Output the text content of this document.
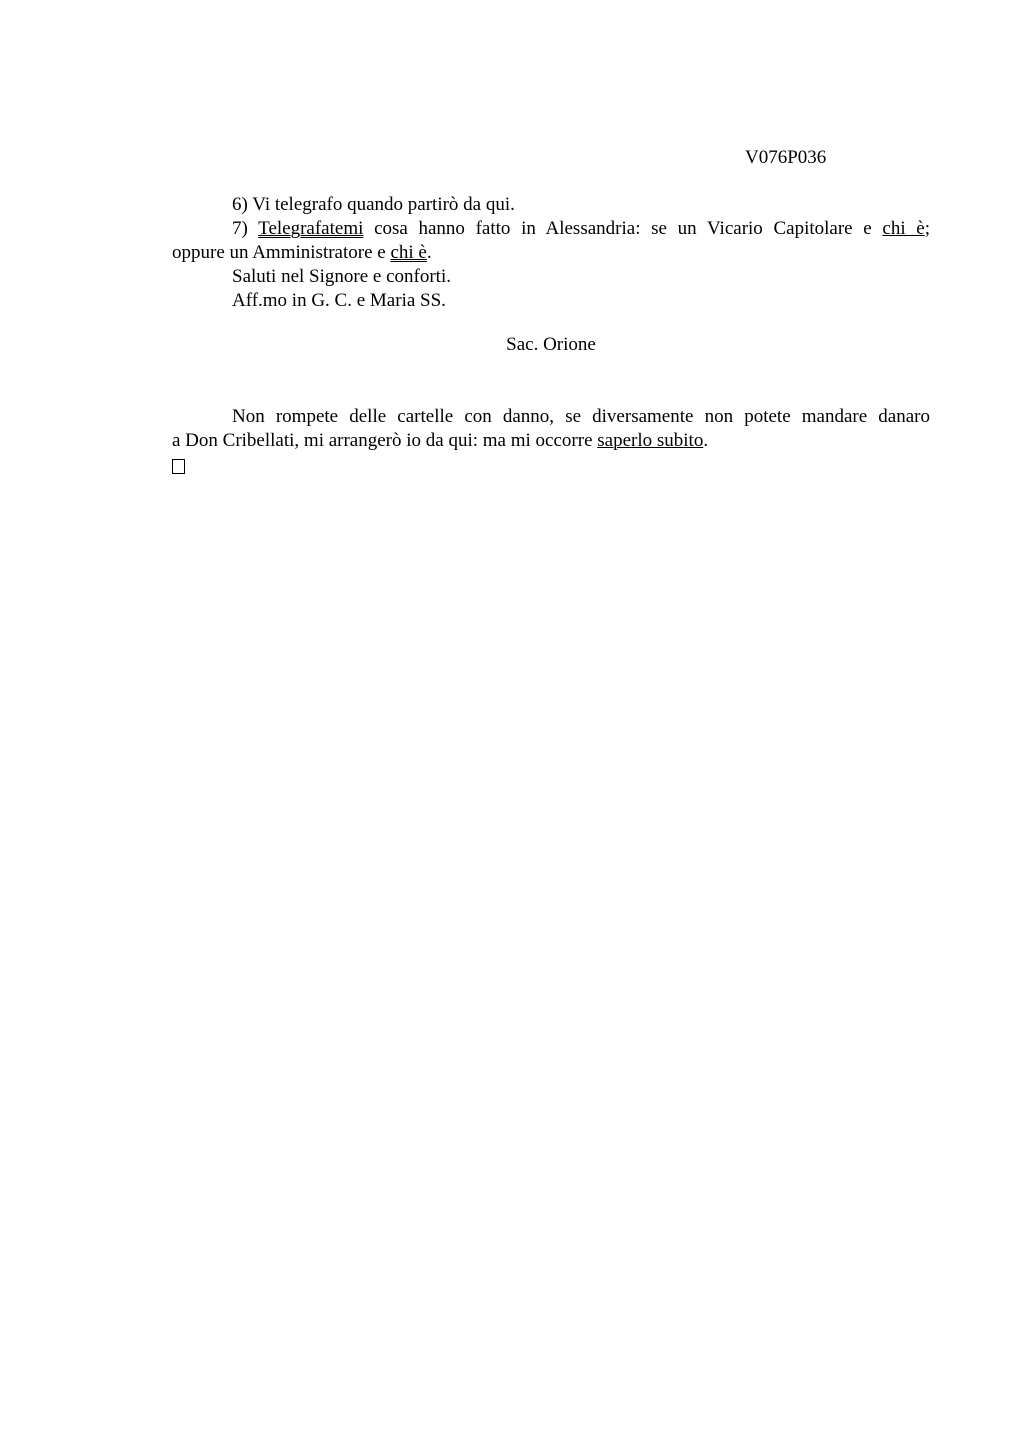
V076P036

6) Vi telegrafo quando partirò da qui.

7) Telegrafatemi cosa hanno fatto in Alessandria: se un Vicario Capitolare e chi è;
oppure un Amministratore e chi è.

Saluti nel Signore e conforti.

Aff.mo in G. C. e Maria SS.

Sac. Orione

Non rompete delle cartelle con danno, se diversamente non potete mandare danaro
a Don Cribellati, mi arrangerò io da qui: ma mi occorre saperlo subito.
